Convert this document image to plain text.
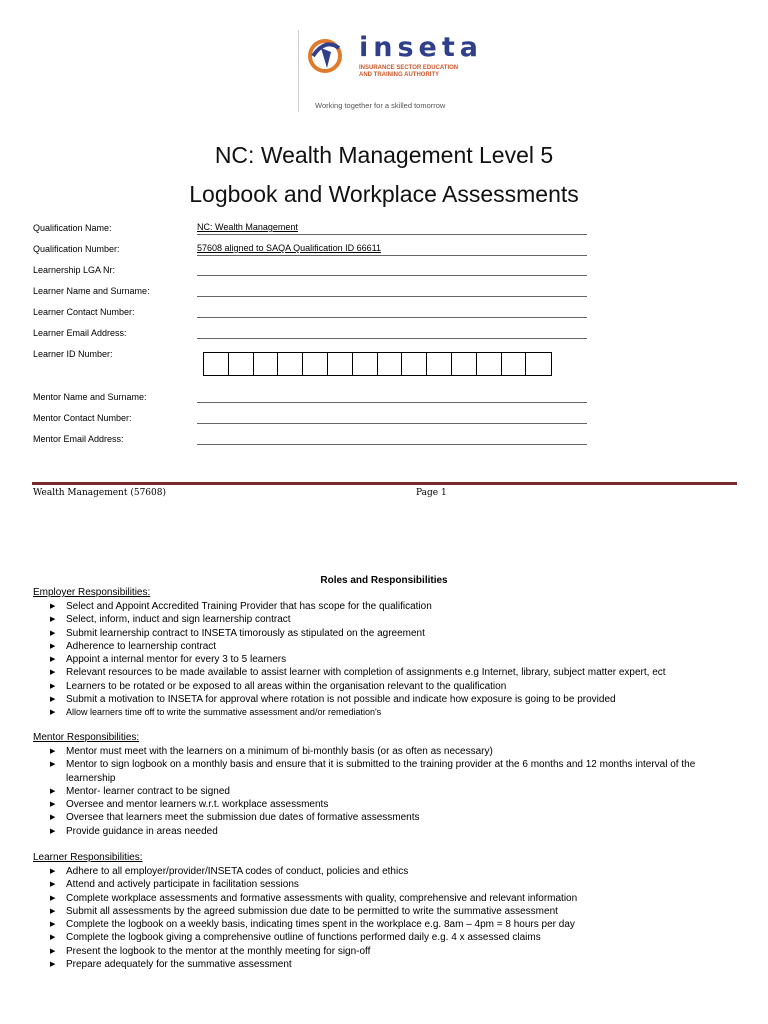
inseta
INSURANCE SECTOR EDUCATION AND TRAINING AUTHORITY
Working together for a skilled tomorrow
NC: Wealth Management Level 5
Logbook and Workplace Assessments
Qualification Name:	NC: Wealth Management
Qualification Number:	57608 aligned to SAQA Qualification ID 66611
Learnership LGA Nr:
Learner Name and Surname:
Learner Contact Number:
Learner Email Address:
Learner ID Number:
Mentor Name and Surname:
Mentor Contact Number:
Mentor Email Address:
Wealth Management (57608)	Page 1
Roles and Responsibilities
Employer Responsibilities:
▶ Select and Appoint Accredited Training Provider that has scope for the qualification
▶ Select, inform, induct and sign learnership contract
▶ Submit learnership contract to INSETA timorously as stipulated on the agreement
▶ Adherence to learnership contract
▶ Appoint a internal mentor for every 3 to 5 learners
▶ Relevant resources to be made available to assist learner with completion of assignments e.g Internet, library, subject matter expert, ect
▶ Learners to be rotated or be exposed to all areas within the organisation relevant to the qualification
▶ Submit a motivation to INSETA for approval where rotation is not possible and indicate how exposure is going to be provided
▶ Allow learners time off to write the summative assessment and/or remediation's
Mentor Responsibilities:
▶ Mentor must meet with the learners on a minimum of bi-monthly basis (or as often as necessary)
▶ Mentor to sign logbook on a monthly basis and ensure that it is submitted to the training provider at the 6 months and 12 months interval of the learnership
▶ Mentor- learner contract to be signed
▶ Oversee and mentor learners w.r.t. workplace assessments
▶ Oversee that learners meet the submission due dates of formative assessments
▶ Provide guidance in areas needed
Learner Responsibilities:
▶ Adhere to all employer/provider/INSETA codes of conduct, policies and ethics
▶ Attend and actively participate in facilitation sessions
▶ Complete workplace assessments and formative assessments with quality, comprehensive and relevant information
▶ Submit all assessments by the agreed submission due date to be permitted to write the summative assessment
▶ Complete the logbook on a weekly basis, indicating times spent in the workplace e.g. 8am – 4pm = 8 hours per day
▶ Complete the logbook giving a comprehensive outline of functions performed daily e.g. 4 x assessed claims
▶ Present the logbook to the mentor at the monthly meeting for sign-off
▶ Prepare adequately for the summative assessment
